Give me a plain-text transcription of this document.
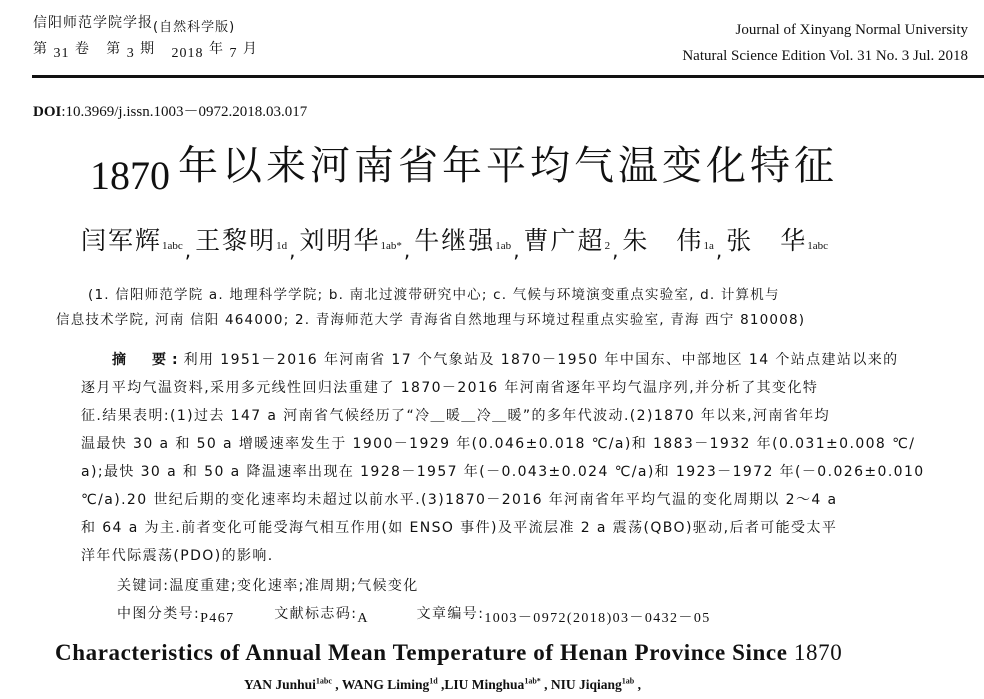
信阳师范学院学报(自然科学版)
第 31 卷 第 3 期 2018 年 7 月
Journal of Xinyang Normal University
Natural Science Edition Vol. 31 No. 3 Jul. 2018
DOI:10.3969/j.issn.1003－0972.2018.03.017
1870 年以来河南省年平均气温变化特征
闫军辉1abc $_,$王黎明1d $_,$刘明华1ab* $_,$牛继强1ab $_,$曹广超2 $_,$朱　伟1a $_,$张　华1abc
(1. 信阳师范学院 a. 地理科学学院; b. 南北过渡带研究中心; c. 气候与环境演变重点实验室, d. 计算机与
信息技术学院, 河南 信阳 464000; 2. 青海师范大学 青海省自然地理与环境过程重点实验室, 青海 西宁 810008)
摘　要:利用 1951－2016 年河南省 17 个气象站及 1870－1950 年中国东、中部地区 14 个站点建站以来的
逐月平均气温资料,采用多元线性回归法重建了 1870－2016 年河南省逐年平均气温序列,并分析了其变化特
征.结果表明:(1)过去 147 a 河南省气候经历了“冷＿暖＿冷＿暖”的多年代波动.(2)1870 年以来,河南省年均
温最快 30 a 和 50 a 增暖速率发生于 1900－1929 年(0.046±0.018 ℃/a)和 1883－1932 年(0.031±0.008 ℃/
a);最快 30 a 和 50 a 降温速率出现在 1928－1957 年(－0.043±0.024 ℃/a)和 1923－1972 年(－0.026±0.010
℃/a).20 世纪后期的变化速率均未超过以前水平.(3)1870－2016 年河南省年平均气温的变化周期以 2～4 a
和 64 a 为主.前者变化可能受海气相互作用(如 ENSO 事件)及平流层准 2 a 震荡(QBO)驱动,后者可能受太平
洋年代际震荡(PDO)的影响.
关键词:温度重建;变化速率;准周期;气候变化
中图分类号:P467	文献标志码:A	文章编号:1003－0972(2018)03－0432－05
Characteristics of Annual Mean Temperature of Henan Province Since 1870
YAN Junhui$^{1abc}$ , WANG Liming$^{1d}$ ,LIU Minghua$^{1ab*}$ , NIU Jiqiang$^{1ab}$ ,
